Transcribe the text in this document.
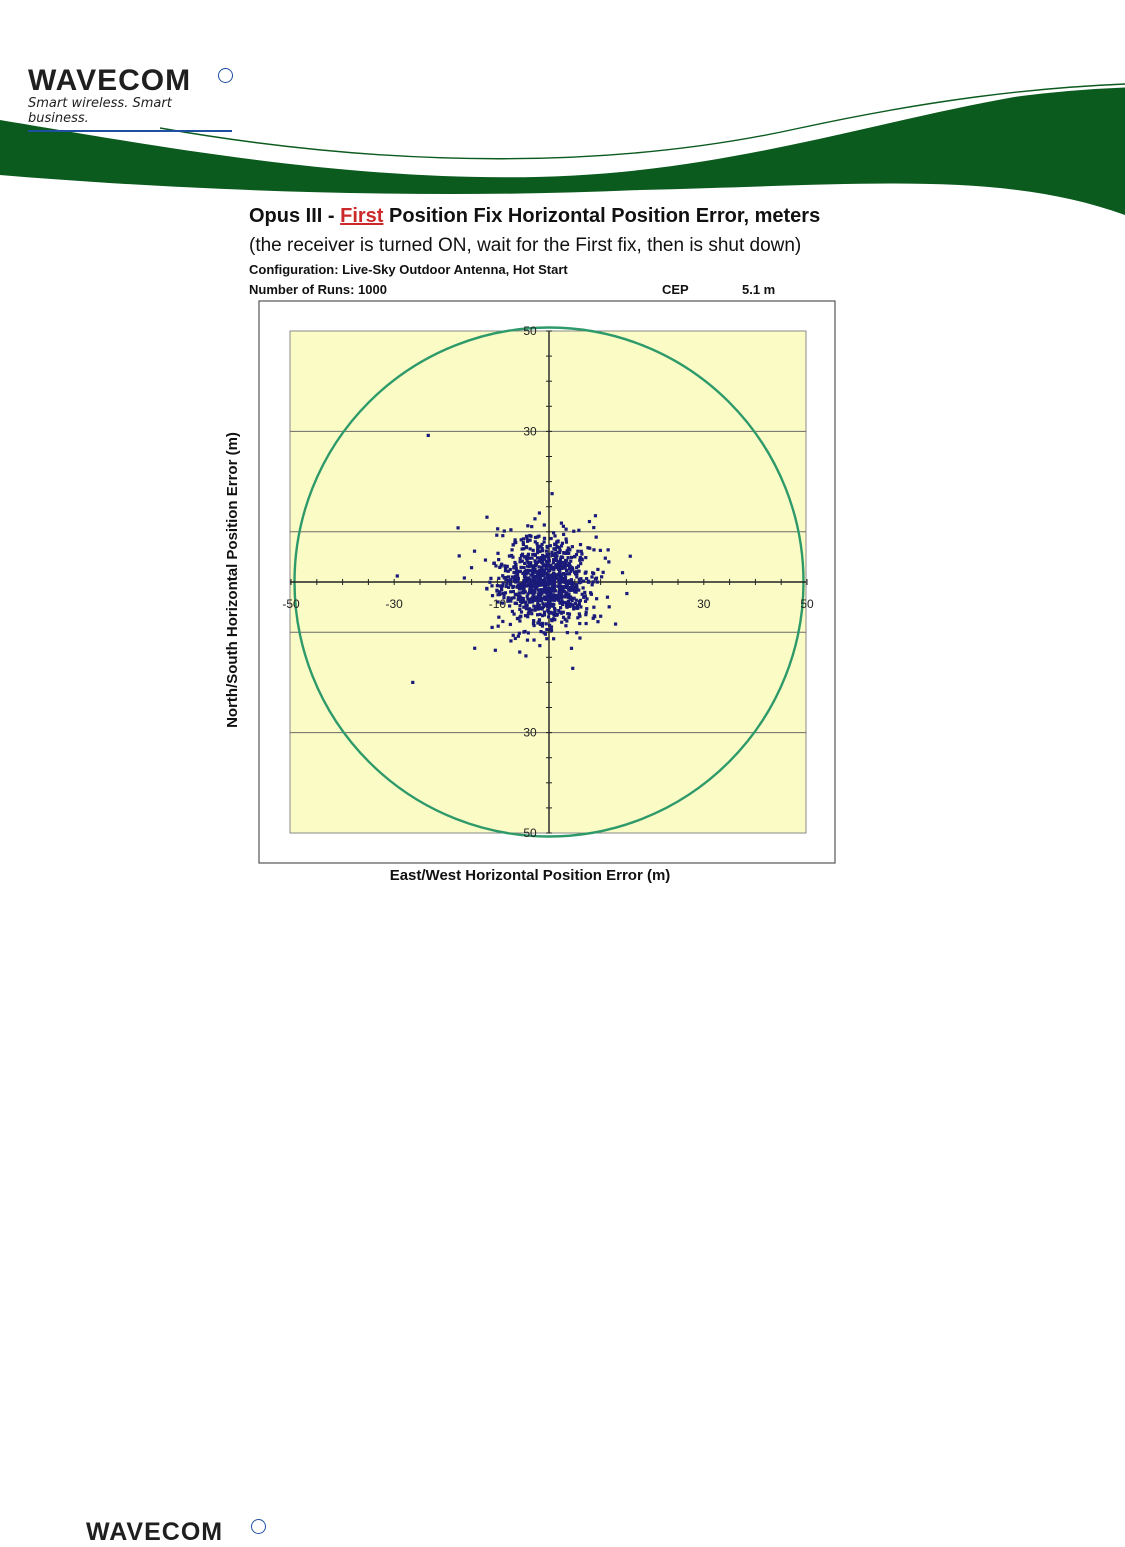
WAVECOM
Smart wireless. Smart business.
Opus III - First Position Fix Horizontal Position Error, meters
(the receiver is turned ON, wait for the First fix, then is shut down)
Configuration: Live-Sky Outdoor Antenna, Hot Start
Number of Runs: 1000	CEP	5.1 m
-50	-30	-10	30	50
50
30
30
50
East/West Horizontal Position Error (m)
North/South Horizontal Position Error (m)
WAVECOM
